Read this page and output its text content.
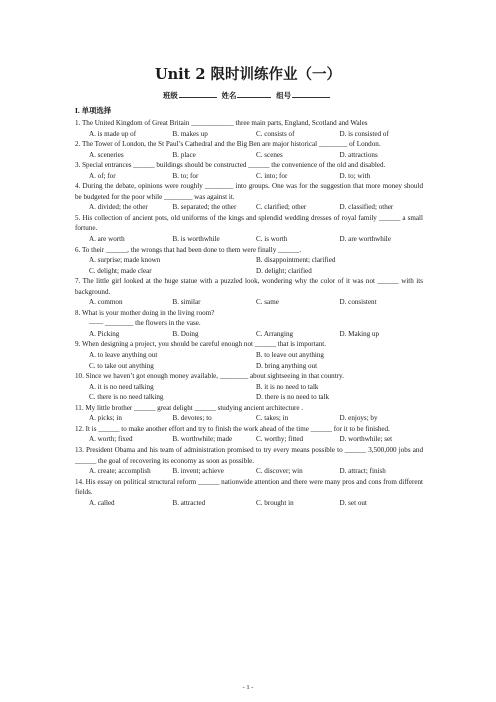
Unit 2 限时训练作业（一）
班级	姓名	组号
I. 单项选择
1. The United Kingdom of Great Britain ____________ three main parts, England, Scotland and Wales
A. is made up of	B. makes up	C. consists of	D. is consisted of
2. The Tower of London, the St Paul’s Cathedral and the Big Ben are major historical ________ of London.
A. sceneries	B. place	C. scenes	D. attractions
3. Special entrances ______ buildings should be constructed ______ the convenience of the old and disabled.
A. of; for	B. to; for	C. into; for	D. to; with
4. During the debate, opinions were roughly ________ into groups. One was for the suggestion that more money should be budgeted for the poor while ________ was against it.
A. divided; the other	B. separated; the other	C. clarified; other	D. classified; other
5. His collection of ancient pots, old uniforms of the kings and splendid wedding dresses of royal family ______ a small fortune.
A. are worth	B. is worthwhile	C. is worth	D. are worthwhile
6. To their ______, the wrongs that had been done to them were finally ______.
A. surprise; made known	B. disappointment; clarified
C. delight; made clear	D. delight; clarified
7. The little girl looked at the huge statue with a puzzled look, wondering why the color of it was not ______ with its background.
A. common	B. similar	C. same	D. consistent
8. What is your mother doing in the living room?
—— ________ the flowers in the vase.
A. Picking	B. Doing	C. Arranging	D. Making up
9. When designing a project, you should be careful enough not ______ that is important.
A. to leave anything out	B. to leave out anything
C. to take out anything	D. bring anything out
10. Since we haven’t got enough money available, ________ about sightseeing in that country.
A. it is no need talking	B. it is no need to talk
C. there is no need talking	D. there is no need to talk
11. My little brother ______ great delight ______ studying ancient architecture .
A. picks; in	B. devotes; to	C. takes; in	D. enjoys; by
12. It is ______ to make another effort and try to finish the work ahead of the time ______ for it to be finished.
A. worth; fixed	B. worthwhile; made	C. worthy; fitted	D. worthwhile; set
13. President Obama and his team of administration promised to try every means possible to ______ 3,500,000 jobs and ______ the goal of recovering its economy as soon as possible.
A. create; accomplish	B. invent; achieve	C. discover; win	D. attract; finish
14. His essay on political structural reform ______ nationwide attention and there were many pros and cons from different fields.
A. called	B. attracted	C. brought in	D. set out
- 1 -
